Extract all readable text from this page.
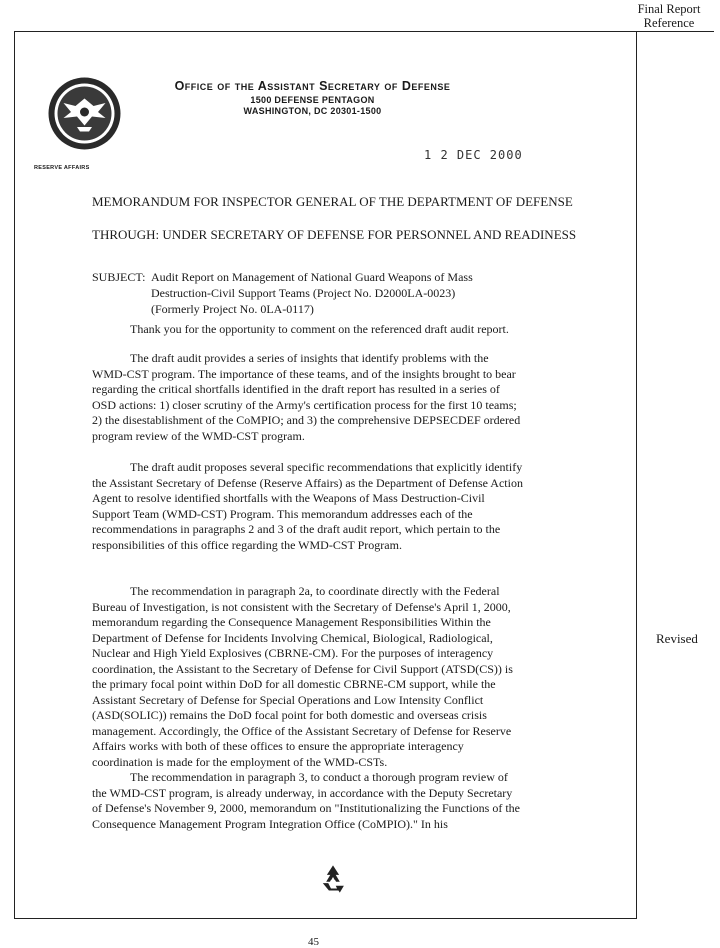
Final Report
Reference
Revised
RESERVE AFFAIRS
Office of the Assistant Secretary of Defense
1500 DEFENSE PENTAGON
WASHINGTON, DC 20301-1500
1 2 DEC 2000
MEMORANDUM FOR INSPECTOR GENERAL OF THE DEPARTMENT OF DEFENSE
THROUGH: UNDER SECRETARY OF DEFENSE FOR PERSONNEL AND READINESS
SUBJECT: Audit Report on Management of National Guard Weapons of Mass
Destruction-Civil Support Teams (Project No. D2000LA-0023)
(Formerly Project No. 0LA-0117)
Thank you for the opportunity to comment on the referenced draft audit report.
The draft audit provides a series of insights that identify problems with the WMD-CST program. The importance of these teams, and of the insights brought to bear regarding the critical shortfalls identified in the draft report has resulted in a series of OSD actions: 1) closer scrutiny of the Army's certification process for the first 10 teams; 2) the disestablishment of the CoMPIO; and 3) the comprehensive DEPSECDEF ordered program review of the WMD-CST program.
The draft audit proposes several specific recommendations that explicitly identify the Assistant Secretary of Defense (Reserve Affairs) as the Department of Defense Action Agent to resolve identified shortfalls with the Weapons of Mass Destruction-Civil Support Team (WMD-CST) Program. This memorandum addresses each of the recommendations in paragraphs 2 and 3 of the draft audit report, which pertain to the responsibilities of this office regarding the WMD-CST Program.
The recommendation in paragraph 2a, to coordinate directly with the Federal Bureau of Investigation, is not consistent with the Secretary of Defense's April 1, 2000, memorandum regarding the Consequence Management Responsibilities Within the Department of Defense for Incidents Involving Chemical, Biological, Radiological, Nuclear and High Yield Explosives (CBRNE-CM). For the purposes of interagency coordination, the Assistant to the Secretary of Defense for Civil Support (ATSD(CS)) is the primary focal point within DoD for all domestic CBRNE-CM support, while the Assistant Secretary of Defense for Special Operations and Low Intensity Conflict (ASD(SOLIC)) remains the DoD focal point for both domestic and overseas crisis management. Accordingly, the Office of the Assistant Secretary of Defense for Reserve Affairs works with both of these offices to ensure the appropriate interagency coordination is made for the employment of the WMD-CSTs.
The recommendation in paragraph 3, to conduct a thorough program review of the WMD-CST program, is already underway, in accordance with the Deputy Secretary of Defense's November 9, 2000, memorandum on "Institutionalizing the Functions of the Consequence Management Program Integration Office (CoMPIO)." In his
45
